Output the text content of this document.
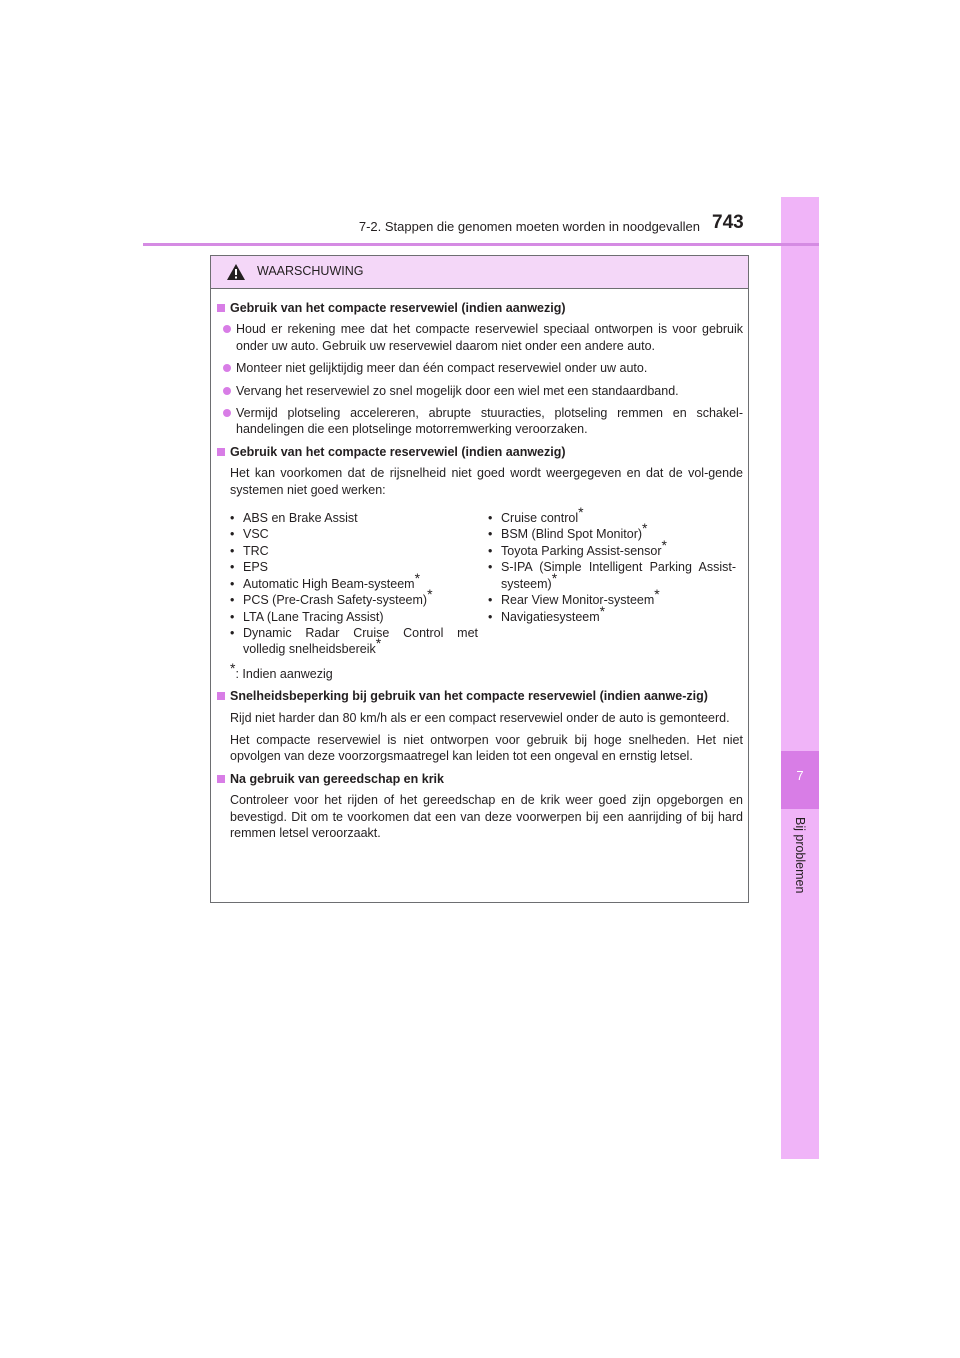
7
Bij problemen
7-2. Stappen die genomen moeten worden in noodgevallen 743
WAARSCHUWING
Gebruik van het compacte reservewiel (indien aanwezig)
Houd er rekening mee dat het compacte reservewiel speciaal ontworpen is voor gebruik onder uw auto. Gebruik uw reservewiel daarom niet onder een andere auto.
Monteer niet gelijktijdig meer dan één compact reservewiel onder uw auto.
Vervang het reservewiel zo snel mogelijk door een wiel met een standaardband.
Vermijd plotseling accelereren, abrupte stuuracties, plotseling remmen en schakel-handelingen die een plotselinge motorremwerking veroorzaken.
Gebruik van het compacte reservewiel (indien aanwezig)
Het kan voorkomen dat de rijsnelheid niet goed wordt weergegeven en dat de vol-gende systemen niet goed werken:
• ABS en Brake Assist
• VSC
• TRC
• EPS
• Automatic High Beam-systeem*
• PCS (Pre-Crash Safety-systeem)*
• LTA (Lane Tracing Assist)
• Dynamic Radar Cruise Control met volledig snelheidsbereik*
• Cruise control*
• BSM (Blind Spot Monitor)*
• Toyota Parking Assist-sensor*
• S-IPA (Simple Intelligent Parking Assist-systeem)*
• Rear View Monitor-systeem*
• Navigatiesysteem*
*: Indien aanwezig
Snelheidsbeperking bij gebruik van het compacte reservewiel (indien aanwe-zig)
Rijd niet harder dan 80 km/h als er een compact reservewiel onder de auto is gemonteerd.
Het compacte reservewiel is niet ontworpen voor gebruik bij hoge snelheden. Het niet opvolgen van deze voorzorgsmaatregel kan leiden tot een ongeval en ernstig letsel.
Na gebruik van gereedschap en krik
Controleer voor het rijden of het gereedschap en de krik weer goed zijn opgeborgen en bevestigd. Dit om te voorkomen dat een van deze voorwerpen bij een aanrijding of bij hard remmen letsel veroorzaakt.
